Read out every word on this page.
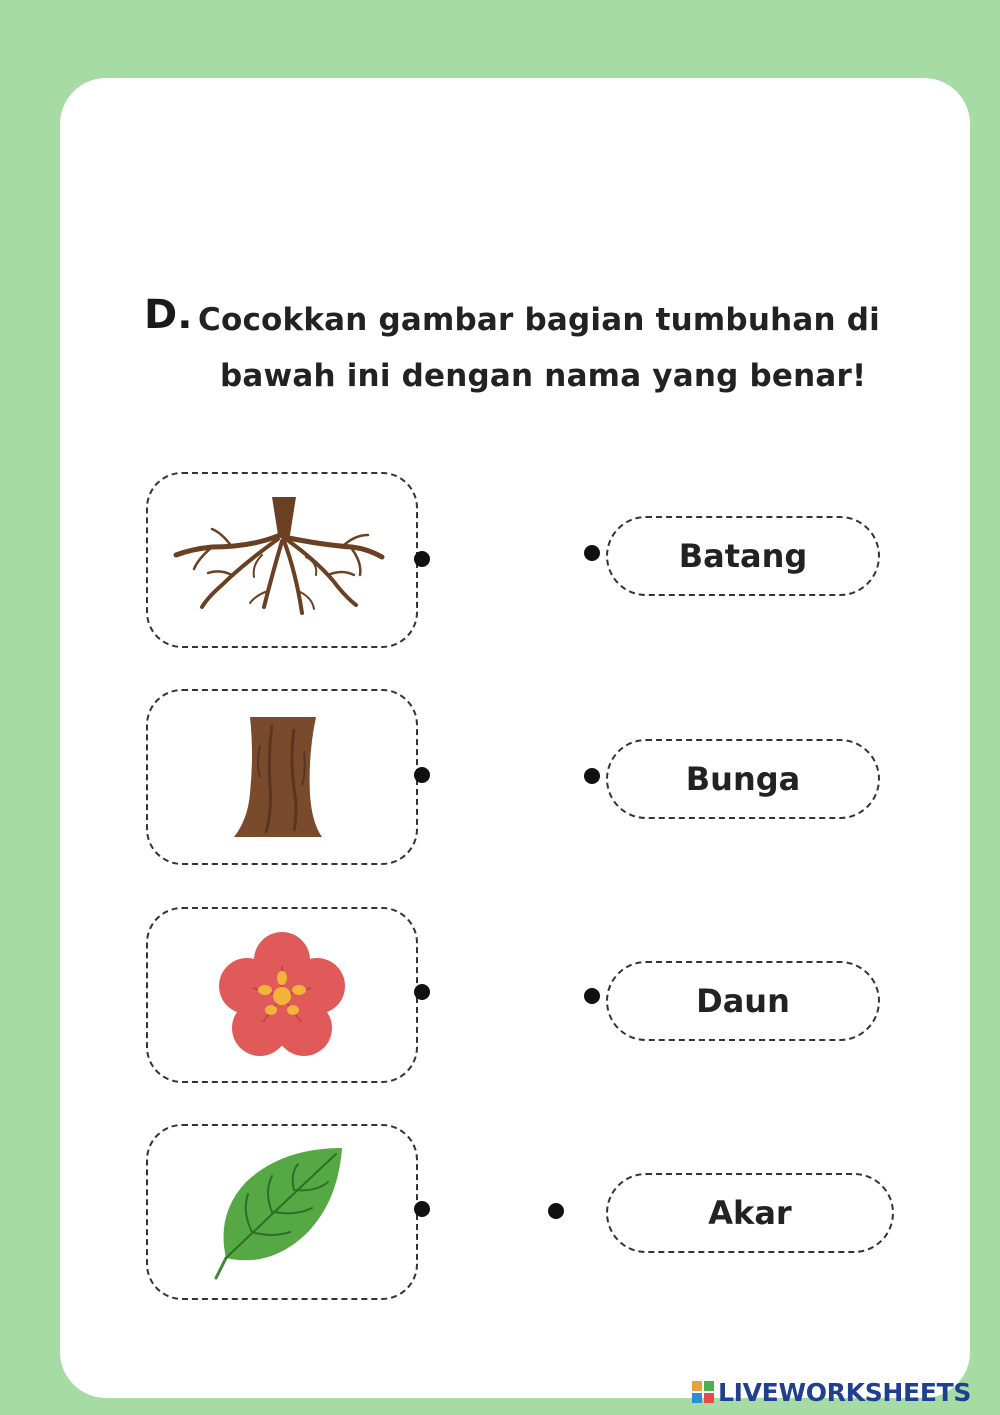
D. Cocokkan gambar bagian tumbuhan di
bawah ini dengan nama yang benar!
Batang
Bunga
Daun
Akar
LIVEWORKSHEETS
